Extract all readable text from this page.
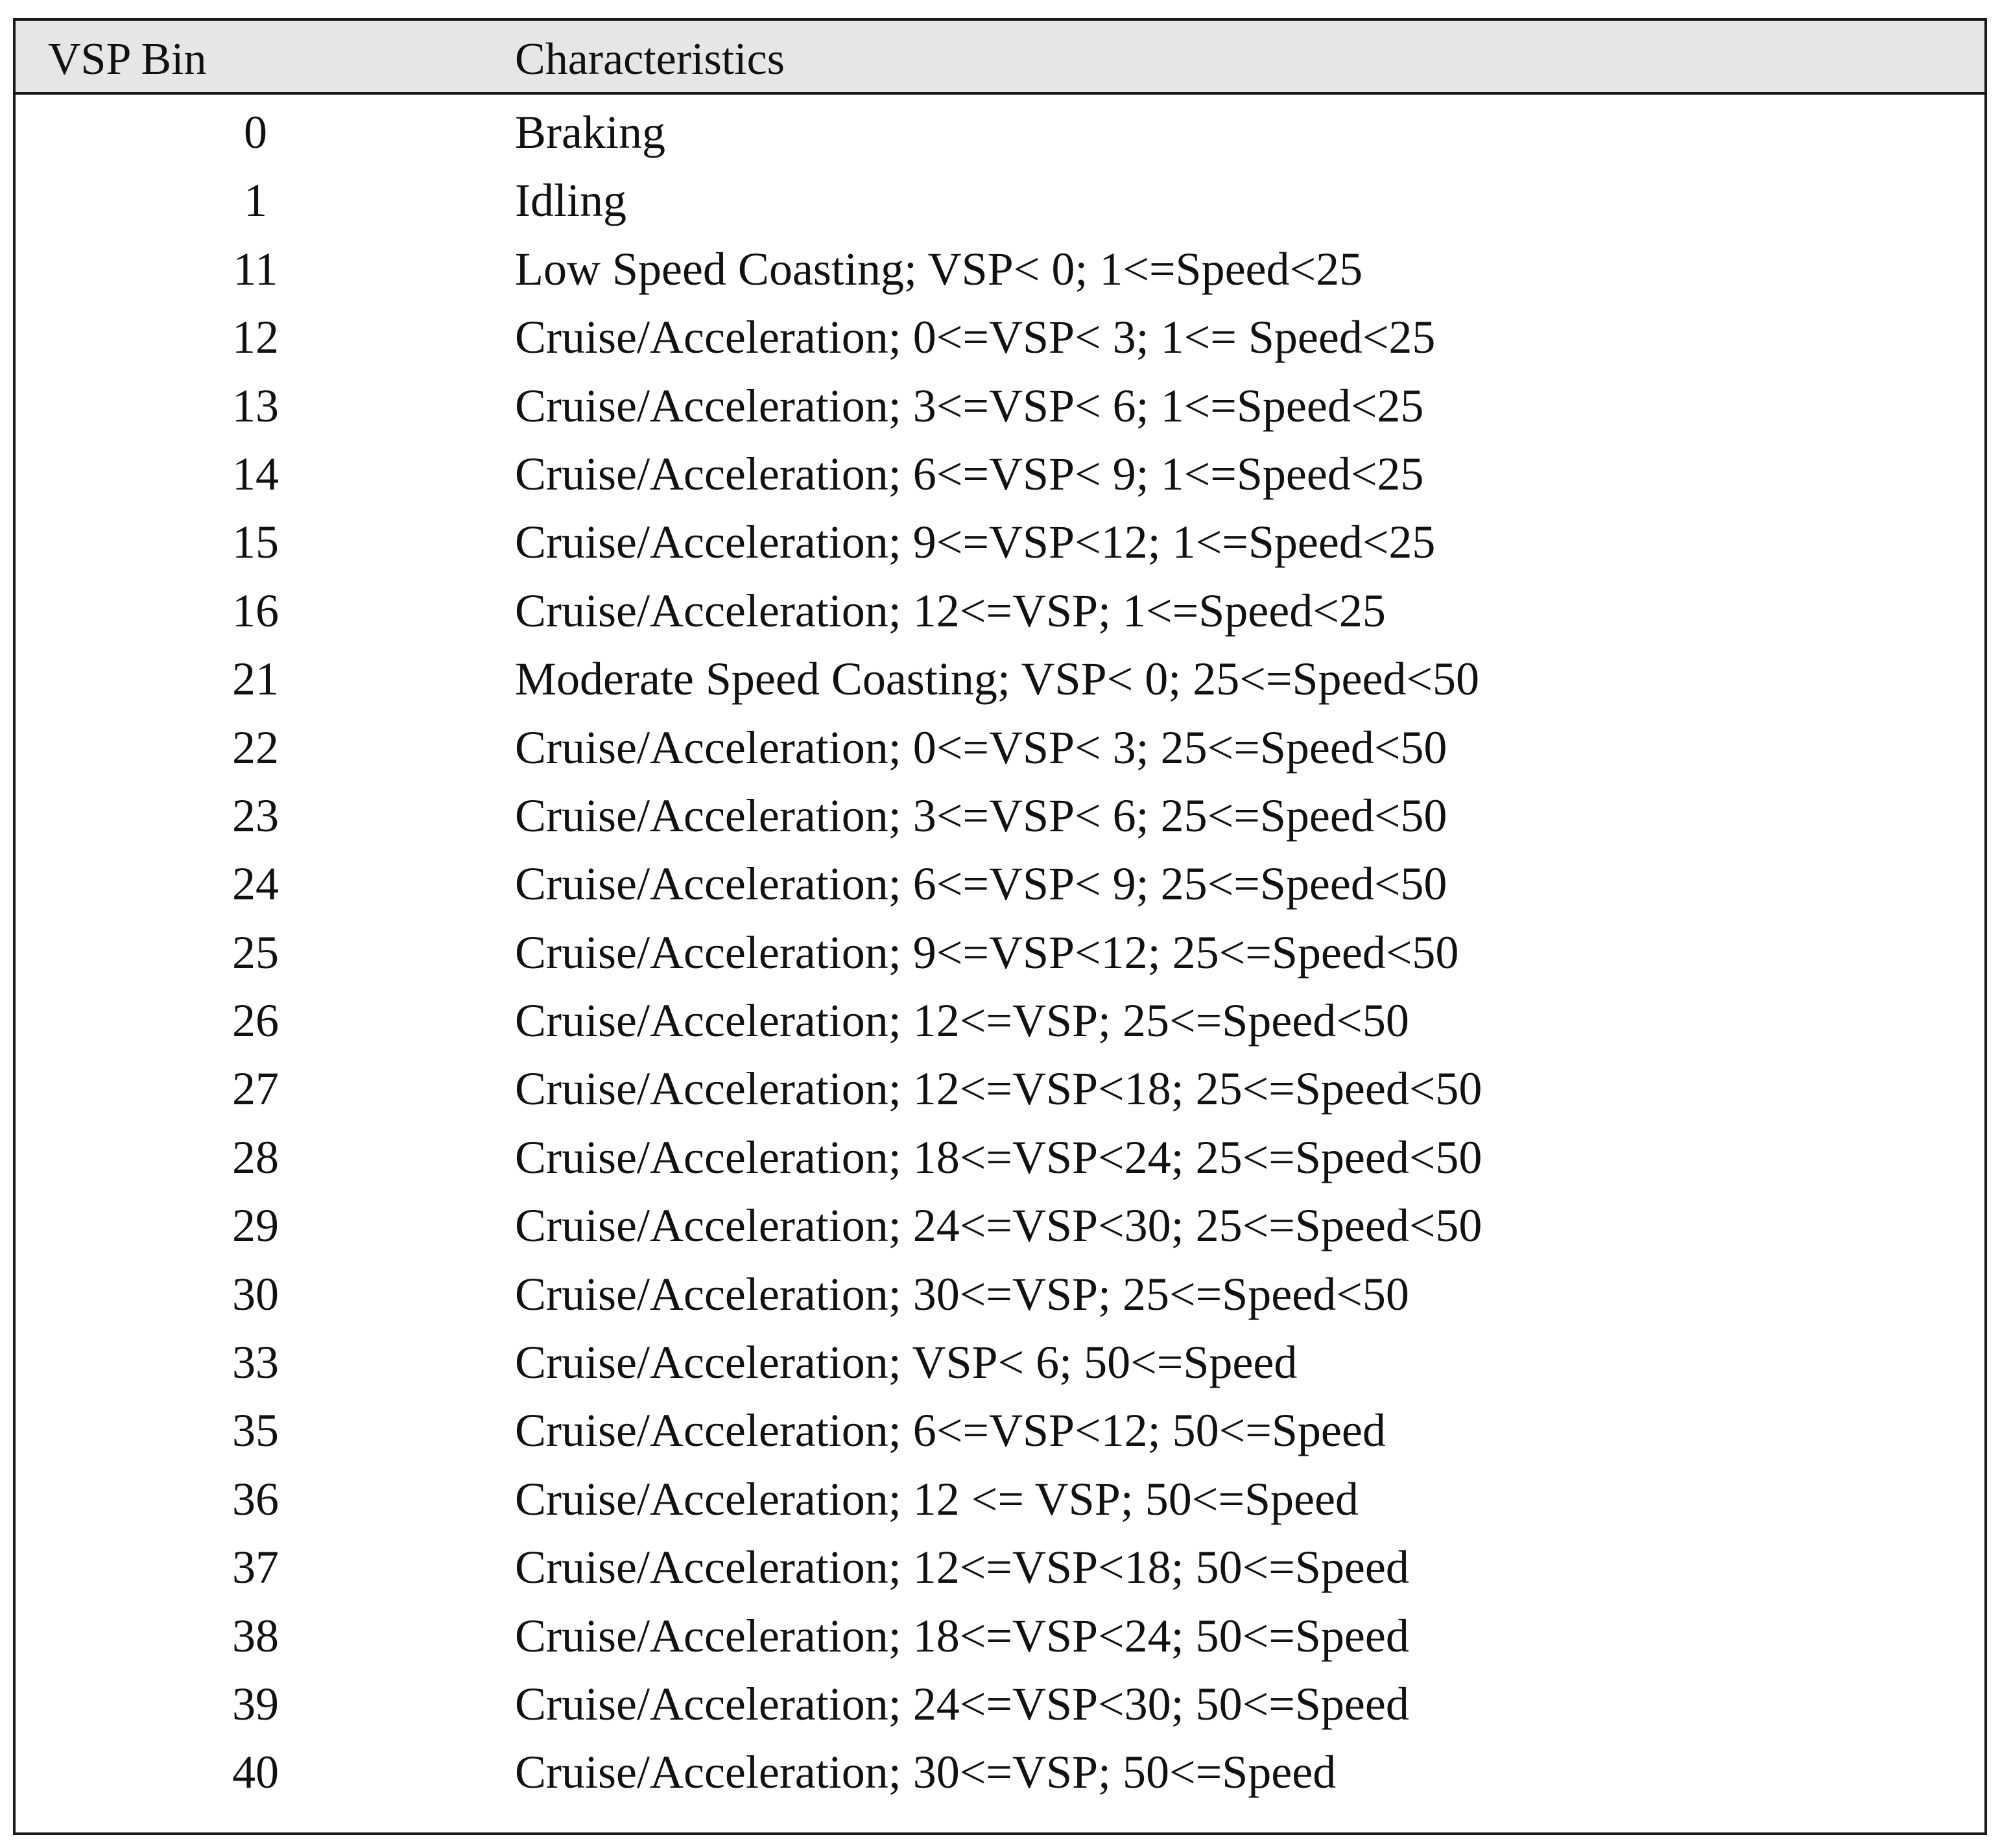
VSP Bin	Characteristics
0	Braking
1	Idling
11	Low Speed Coasting; VSP< 0; 1<=Speed<25
12	Cruise/Acceleration; 0<=VSP< 3; 1<= Speed<25
13	Cruise/Acceleration; 3<=VSP< 6; 1<=Speed<25
14	Cruise/Acceleration; 6<=VSP< 9; 1<=Speed<25
15	Cruise/Acceleration; 9<=VSP<12; 1<=Speed<25
16	Cruise/Acceleration; 12<=VSP; 1<=Speed<25
21	Moderate Speed Coasting; VSP< 0; 25<=Speed<50
22	Cruise/Acceleration; 0<=VSP< 3; 25<=Speed<50
23	Cruise/Acceleration; 3<=VSP< 6; 25<=Speed<50
24	Cruise/Acceleration; 6<=VSP< 9; 25<=Speed<50
25	Cruise/Acceleration; 9<=VSP<12; 25<=Speed<50
26	Cruise/Acceleration; 12<=VSP; 25<=Speed<50
27	Cruise/Acceleration; 12<=VSP<18; 25<=Speed<50
28	Cruise/Acceleration; 18<=VSP<24; 25<=Speed<50
29	Cruise/Acceleration; 24<=VSP<30; 25<=Speed<50
30	Cruise/Acceleration; 30<=VSP; 25<=Speed<50
33	Cruise/Acceleration; VSP< 6; 50<=Speed
35	Cruise/Acceleration; 6<=VSP<12; 50<=Speed
36	Cruise/Acceleration; 12 <= VSP; 50<=Speed
37	Cruise/Acceleration; 12<=VSP<18; 50<=Speed
38	Cruise/Acceleration; 18<=VSP<24; 50<=Speed
39	Cruise/Acceleration; 24<=VSP<30; 50<=Speed
40	Cruise/Acceleration; 30<=VSP; 50<=Speed
